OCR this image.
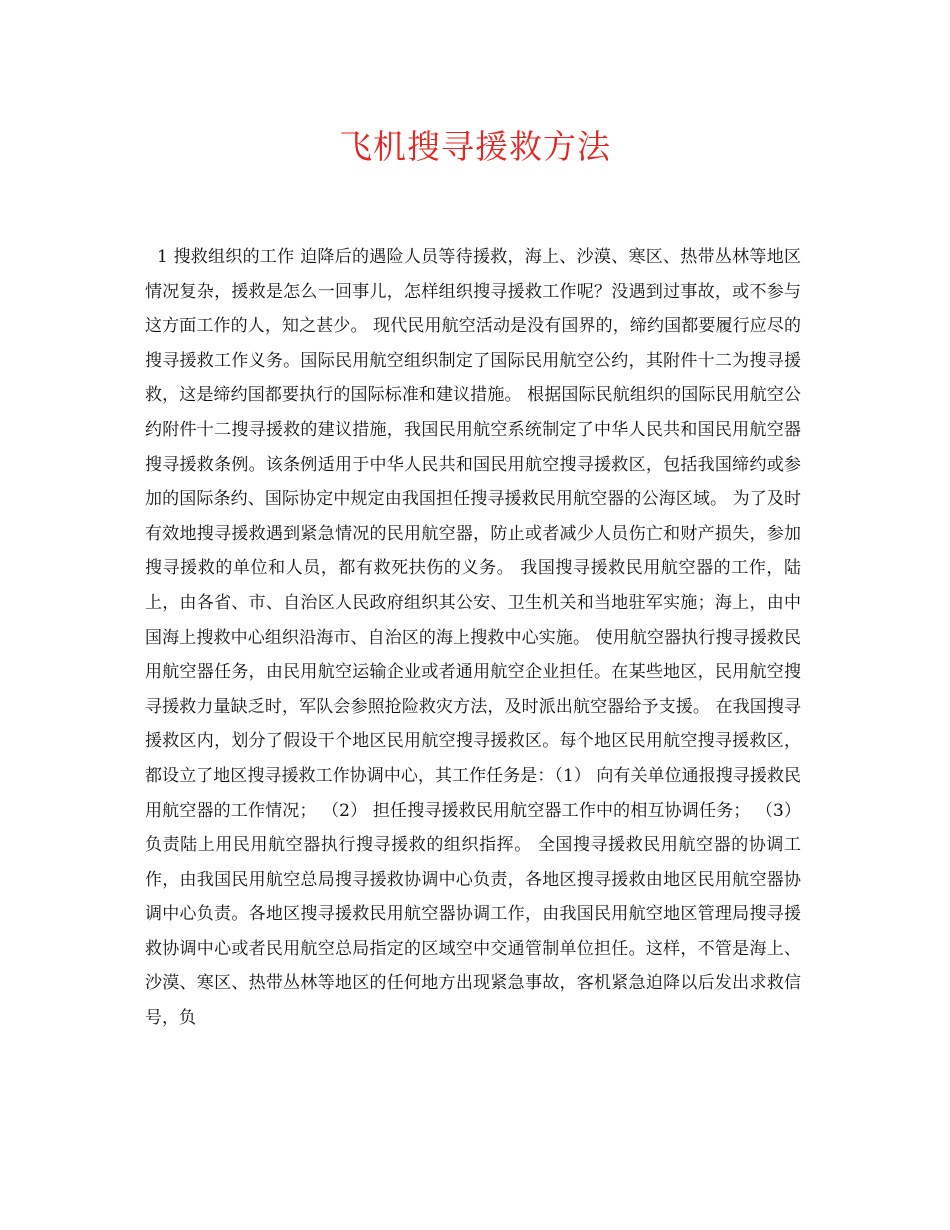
飞机搜寻援救方法

1 搜救组织的工作 迫降后的遇险人员等待援救，海上、沙漠、寒区、热带丛林等地区情况复杂，援救是怎么一回事儿，怎样组织搜寻援救工作呢？没遇到过事故，或不参与这方面工作的人，知之甚少。 现代民用航空活动是没有国界的，缔约国都要履行应尽的搜寻援救工作义务。国际民用航空组织制定了国际民用航空公约，其附件十二为搜寻援救，这是缔约国都要执行的国际标准和建议措施。 根据国际民航组织的国际民用航空公约附件十二搜寻援救的建议措施，我国民用航空系统制定了中华人民共和国民用航空器搜寻援救条例。该条例适用于中华人民共和国民用航空搜寻援救区，包括我国缔约或参加的国际条约、国际协定中规定由我国担任搜寻援救民用航空器的公海区域。 为了及时有效地搜寻援救遇到紧急情况的民用航空器，防止或者减少人员伤亡和财产损失，参加搜寻援救的单位和人员，都有救死扶伤的义务。 我国搜寻援救民用航空器的工作，陆上，由各省、市、自治区人民政府组织其公安、卫生机关和当地驻军实施；海上，由中国海上搜救中心组织沿海市、自治区的海上搜救中心实施。 使用航空器执行搜寻援救民用航空器任务，由民用航空运输企业或者通用航空企业担任。在某些地区，民用航空搜寻援救力量缺乏时，军队会参照抢险救灾方法，及时派出航空器给予支援。 在我国搜寻援救区内，划分了假设干个地区民用航空搜寻援救区。每个地区民用航空搜寻援救区，都设立了地区搜寻援救工作协调中心，其工作任务是：（1） 向有关单位通报搜寻援救民用航空器的工作情况； （2） 担任搜寻援救民用航空器工作中的相互协调任务； （3） 负责陆上用民用航空器执行搜寻援救的组织指挥。 全国搜寻援救民用航空器的协调工作，由我国民用航空总局搜寻援救协调中心负责，各地区搜寻援救由地区民用航空器协调中心负责。各地区搜寻援救民用航空器协调工作，由我国民用航空地区管理局搜寻援救协调中心或者民用航空总局指定的区域空中交通管制单位担任。这样，不管是海上、沙漠、寒区、热带丛林等地区的任何地方出现紧急事故，客机紧急迫降以后发出求救信号，负
